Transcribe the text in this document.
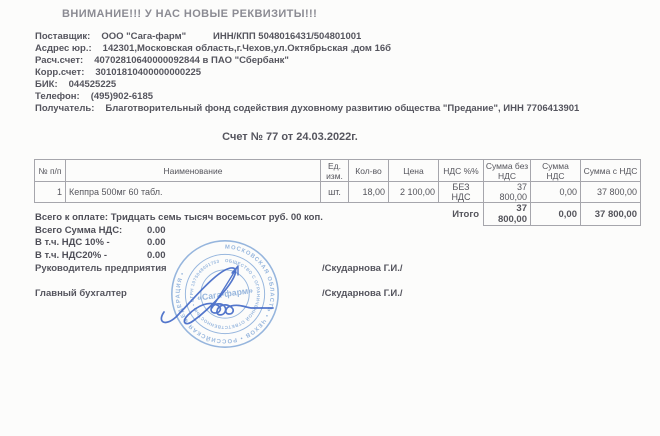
ВНИМАНИЕ!!! У НАС НОВЫЕ РЕКВИЗИТЫ!!!
Поставщик: ООО "Сага-фарм"	ИНН/КПП 5048016431/504801001
Асдрес юр.: 142301,Московская область,г.Чехов,ул.Октябрьская ,дом 16б
Расч.счет: 40702810640000092844 в ПАО "Сбербанк"
Корр.счет: 30101810400000000225
БИК: 044525225
Телефон: (495)902-6185
Получатель: Благотворительный фонд содействия духовному развитию общества "Предание", ИНН 7706413901
Счет № 77 от 24.03.2022г.
№ п/п	Наименование	Ед. изм.	Кол-во	Цена	НДС %%	Сумма без НДС	Сумма НДС	Сумма с НДС
1	Кеппра 500мг 60 табл.	шт.	18,00	2 100,00	БЕЗ НДС	37 800,00	0,00	37 800,00
Итого						37 800,00	0,00	37 800,00
Всего к оплате: Тридцать семь тысяч восемьсот руб. 00 коп.
Всего Сумма НДС:	0.00
В т.ч. НДС 10% -	0.00
В т.ч. НДС20% -	0.00
Руководитель предприятия	/Скударнова Г.И./
Главный бухгалтер	/Скударнова Г.И./
МОСКОВСКАЯ ОБЛАСТЬ • ЧЕХОВ • РОССИЙСКАЯ ФЕДЕРАЦИЯ •
ОБЩЕСТВО С ОГРАНИЧЕННОЙ ОТВЕТСТВЕННОСТЬЮ • ОГРН 1075048001753
«Сага-фарм»
